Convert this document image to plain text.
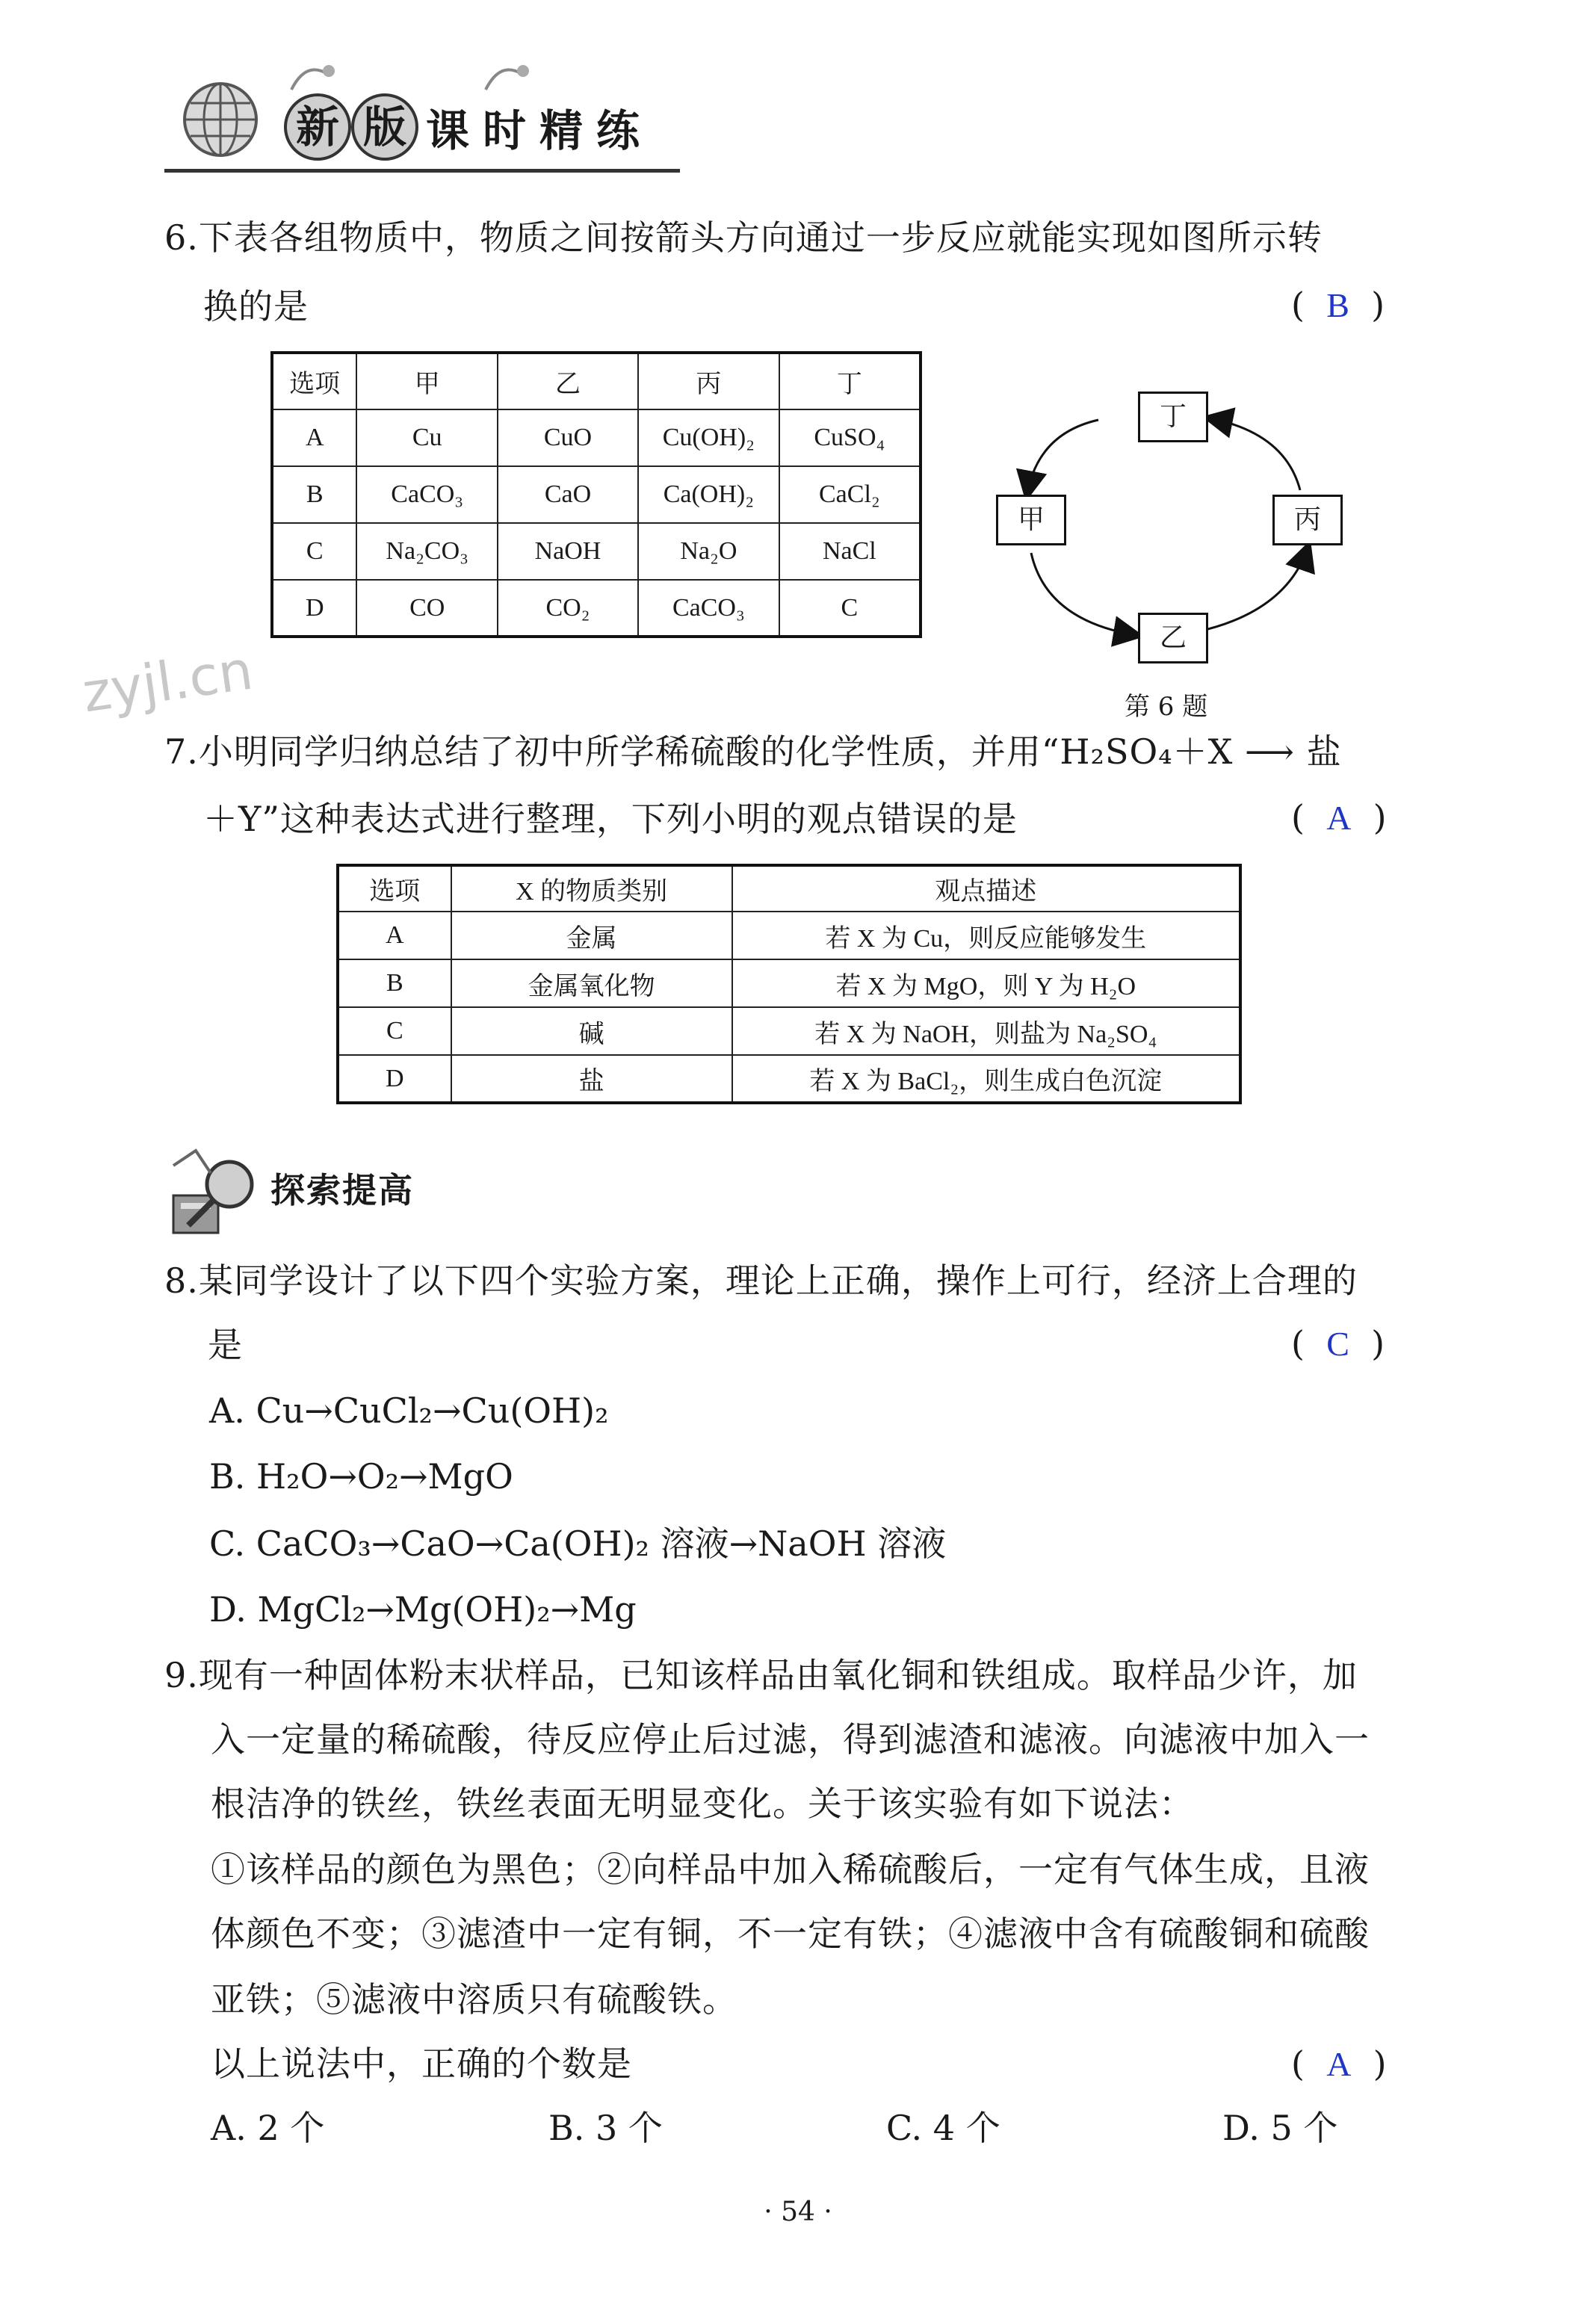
新 版 课时精练
zyjl.cn
6.下表各组物质中，物质之间按箭头方向通过一步反应就能实现如图所示转
换的是	(  B  )
选项	甲	乙	丙	丁
A	Cu	CuO	Cu(OH)₂	CuSO₄
B	CaCO₃	CaO	Ca(OH)₂	CaCl₂
C	Na₂CO₃	NaOH	Na₂O	NaCl
D	CO	CO₂	CaCO₃	C
丁
甲	丙
乙
第 6 题
7.小明同学归纳总结了初中所学稀硫酸的化学性质，并用“H₂SO₄＋X ⟶ 盐
＋Y”这种表达式进行整理，下列小明的观点错误的是	(  A  )
选项	X 的物质类别	观点描述
A	金属	若 X 为 Cu，则反应能够发生
B	金属氧化物	若 X 为 MgO，则 Y 为 H₂O
C	碱	若 X 为 NaOH，则盐为 Na₂SO₄
D	盐	若 X 为 BaCl₂，则生成白色沉淀
探索提高
8.某同学设计了以下四个实验方案，理论上正确，操作上可行，经济上合理的
是	(  C  )
A. Cu→CuCl₂→Cu(OH)₂
B. H₂O→O₂→MgO
C. CaCO₃→CaO→Ca(OH)₂ 溶液→NaOH 溶液
D. MgCl₂→Mg(OH)₂→Mg
9.现有一种固体粉末状样品，已知该样品由氧化铜和铁组成。取样品少许，加
入一定量的稀硫酸，待反应停止后过滤，得到滤渣和滤液。向滤液中加入一
根洁净的铁丝，铁丝表面无明显变化。关于该实验有如下说法：
①该样品的颜色为黑色；②向样品中加入稀硫酸后，一定有气体生成，且液
体颜色不变；③滤渣中一定有铜，不一定有铁；④滤液中含有硫酸铜和硫酸
亚铁；⑤滤液中溶质只有硫酸铁。
以上说法中，正确的个数是	(  A  )
A. 2 个	B. 3 个	C. 4 个	D. 5 个
· 54 ·
